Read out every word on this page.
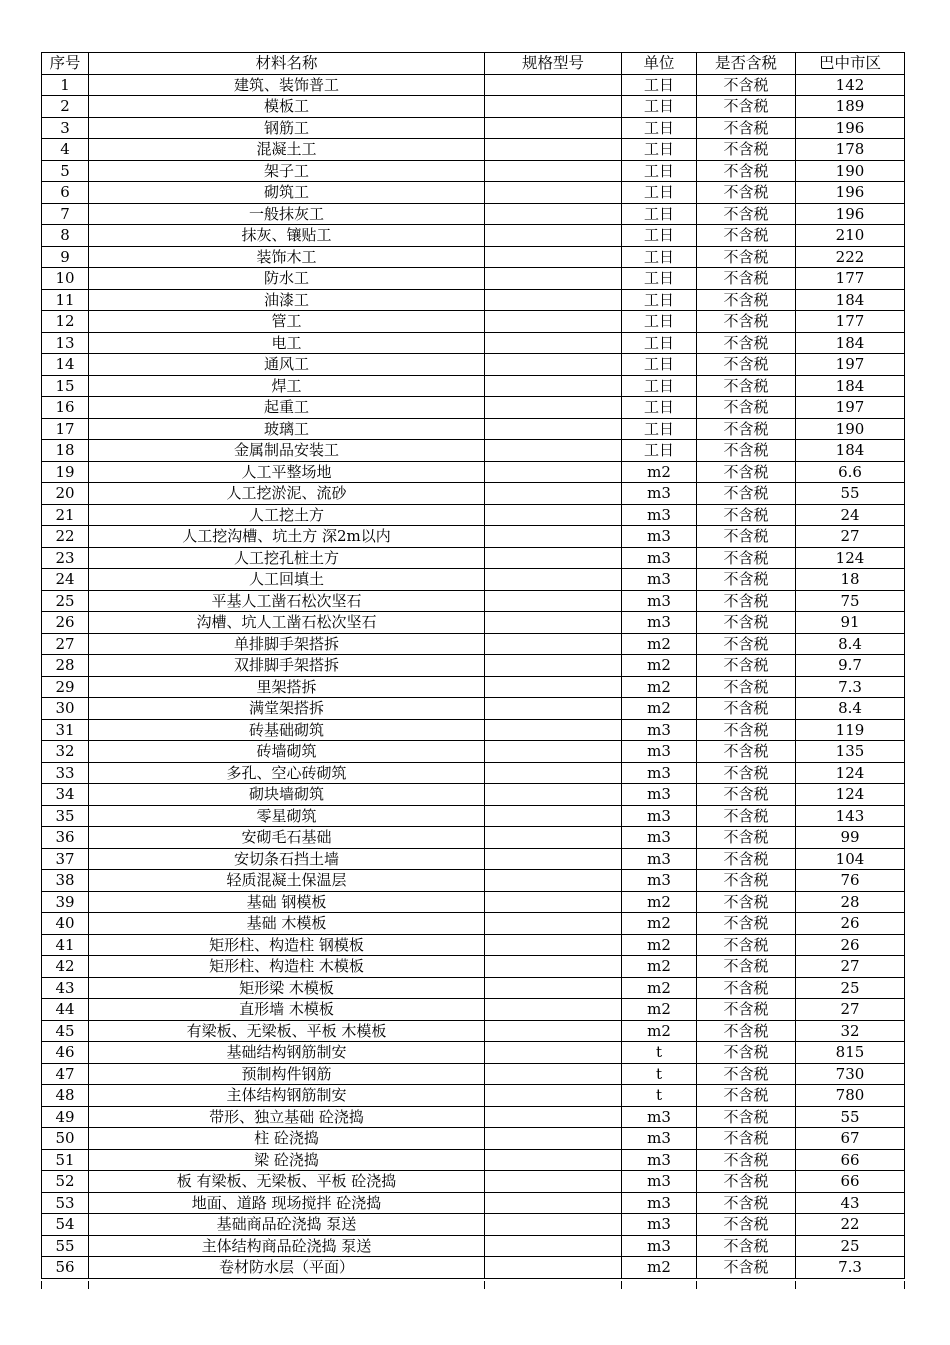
序号	材料名称	规格型号	单位	是否含税	巴中市区
1	建筑、装饰普工		工日	不含税	142
2	模板工		工日	不含税	189
3	钢筋工		工日	不含税	196
4	混凝土工		工日	不含税	178
5	架子工		工日	不含税	190
6	砌筑工		工日	不含税	196
7	一般抹灰工		工日	不含税	196
8	抹灰、镶贴工		工日	不含税	210
9	装饰木工		工日	不含税	222
10	防水工		工日	不含税	177
11	油漆工		工日	不含税	184
12	管工		工日	不含税	177
13	电工		工日	不含税	184
14	通风工		工日	不含税	197
15	焊工		工日	不含税	184
16	起重工		工日	不含税	197
17	玻璃工		工日	不含税	190
18	金属制品安装工		工日	不含税	184
19	人工平整场地		m2	不含税	6.6
20	人工挖淤泥、流砂		m3	不含税	55
21	人工挖土方		m3	不含税	24
22	人工挖沟槽、坑土方 深2m以内		m3	不含税	27
23	人工挖孔桩土方		m3	不含税	124
24	人工回填土		m3	不含税	18
25	平基人工凿石松次坚石		m3	不含税	75
26	沟槽、坑人工凿石松次坚石		m3	不含税	91
27	单排脚手架搭拆		m2	不含税	8.4
28	双排脚手架搭拆		m2	不含税	9.7
29	里架搭拆		m2	不含税	7.3
30	满堂架搭拆		m2	不含税	8.4
31	砖基础砌筑		m3	不含税	119
32	砖墙砌筑		m3	不含税	135
33	多孔、空心砖砌筑		m3	不含税	124
34	砌块墙砌筑		m3	不含税	124
35	零星砌筑		m3	不含税	143
36	安砌毛石基础		m3	不含税	99
37	安切条石挡土墙		m3	不含税	104
38	轻质混凝土保温层		m3	不含税	76
39	基础 钢模板		m2	不含税	28
40	基础 木模板		m2	不含税	26
41	矩形柱、构造柱 钢模板		m2	不含税	26
42	矩形柱、构造柱 木模板		m2	不含税	27
43	矩形梁 木模板		m2	不含税	25
44	直形墙 木模板		m2	不含税	27
45	有梁板、无梁板、平板 木模板		m2	不含税	32
46	基础结构钢筋制安		t	不含税	815
47	预制构件钢筋		t	不含税	730
48	主体结构钢筋制安		t	不含税	780
49	带形、独立基础 砼浇捣		m3	不含税	55
50	柱 砼浇捣		m3	不含税	67
51	梁 砼浇捣		m3	不含税	66
52	板 有梁板、无梁板、平板 砼浇捣		m3	不含税	66
53	地面、道路 现场搅拌 砼浇捣		m3	不含税	43
54	基础商品砼浇捣 泵送		m3	不含税	22
55	主体结构商品砼浇捣 泵送		m3	不含税	25
56	卷材防水层（平面）		m2	不含税	7.3
